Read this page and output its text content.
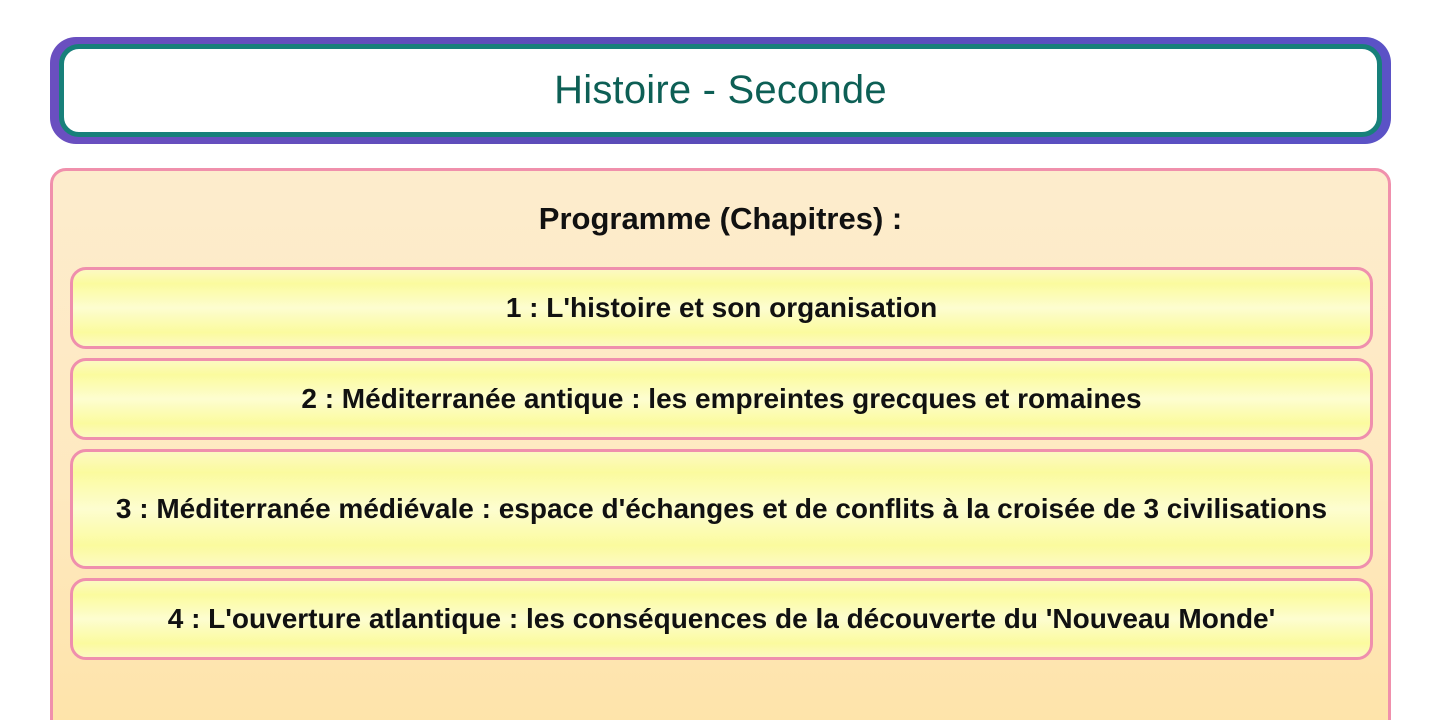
Histoire - Seconde
Programme (Chapitres) :
1 : L'histoire et son organisation
2 : Méditerranée antique : les empreintes grecques et romaines
3 : Méditerranée médiévale : espace d'échanges et de conflits à la croisée de 3 civilisations
4 : L'ouverture atlantique : les conséquences de la découverte du 'Nouveau Monde'
